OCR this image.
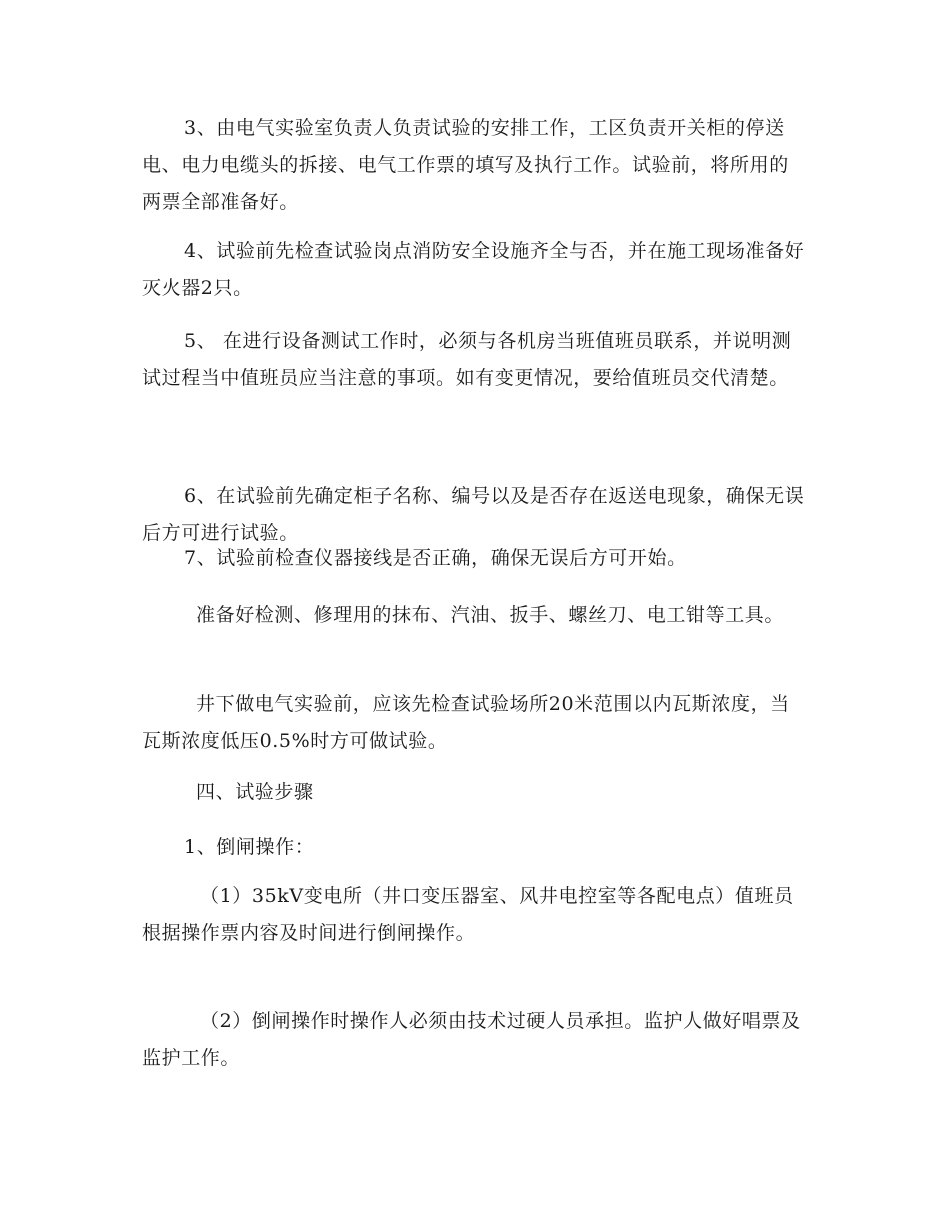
3、由电气实验室负责人负责试验的安排工作，工区负责开关柜的停送电、电力电缆头的拆接、电气工作票的填写及执行工作。试验前，将所用的两票全部准备好。

4、试验前先检查试验岗点消防安全设施齐全与否，并在施工现场准备好灭火器2只。

5、 在进行设备测试工作时，必须与各机房当班值班员联系，并说明测试过程当中值班员应当注意的事项。如有变更情况，要给值班员交代清楚。

6、在试验前先确定柜子名称、编号以及是否存在返送电现象，确保无误后方可进行试验。

7、试验前检查仪器接线是否正确，确保无误后方可开始。

准备好检测、修理用的抹布、汽油、扳手、螺丝刀、电工钳等工具。

井下做电气实验前，应该先检查试验场所20米范围以内瓦斯浓度，当瓦斯浓度低压0.5%时方可做试验。

四、试验步骤

1、倒闸操作：

（1）35kV变电所（井口变压器室、风井电控室等各配电点）值班员根据操作票内容及时间进行倒闸操作。

（2）倒闸操作时操作人必须由技术过硬人员承担。监护人做好唱票及监护工作。
